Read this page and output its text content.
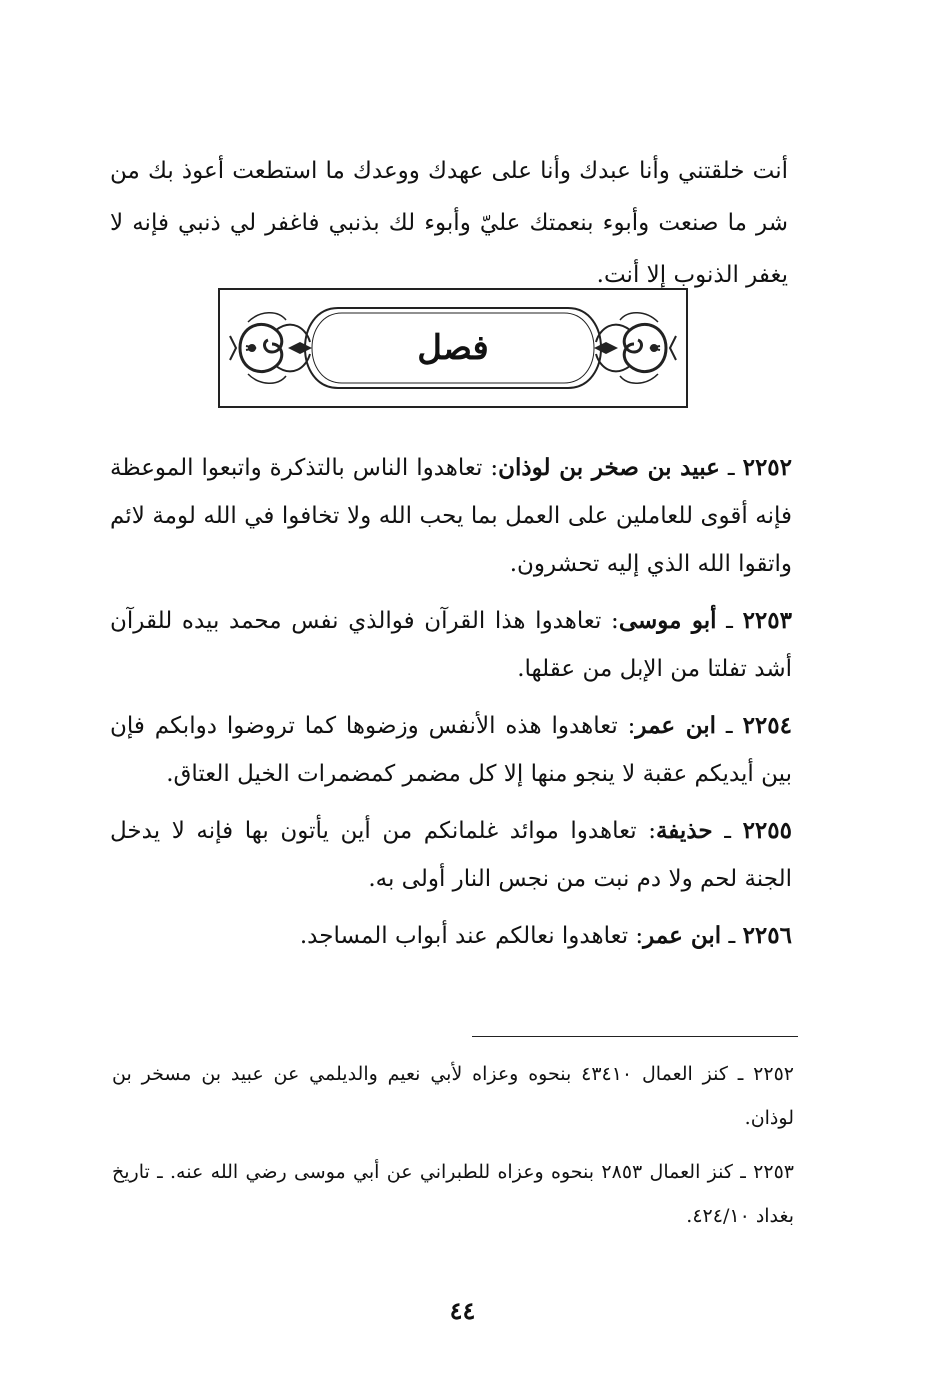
أنت خلقتني وأنا عبدك وأنا على عهدك ووعدك ما استطعت أعوذ بك من شر ما صنعت وأبوء بنعمتك عليّ وأبوء لك بذنبي فاغفر لي ذنبي فإنه لا يغفر الذنوب إلا أنت.

فصل

٢٢٥٢ ـ عبيد بن صخر بن لوذان: تعاهدوا الناس بالتذكرة واتبعوا الموعظة فإنه أقوى للعاملين على العمل بما يحب الله ولا تخافوا في الله لومة لائم واتقوا الله الذي إليه تحشرون.

٢٢٥٣ ـ أبو موسى: تعاهدوا هذا القرآن فوالذي نفس محمد بيده للقرآن أشد تفلتا من الإبل من عقلها.

٢٢٥٤ ـ ابن عمر: تعاهدوا هذه الأنفس وزضوها كما تروضوا دوابكم فإن بين أيديكم عقبة لا ينجو منها إلا كل مضمر كمضمرات الخيل العتاق.

٢٢٥٥ ـ حذيفة: تعاهدوا موائد غلمانكم من أين يأتون بها فإنه لا يدخل الجنة لحم ولا دم نبت من نجس النار أولى به.

٢٢٥٦ ـ ابن عمر: تعاهدوا نعالكم عند أبواب المساجد.

٢٢٥٢ ـ كنز العمال ٤٣٤١٠ بنحوه وعزاه لأبي نعيم والديلمي عن عبيد بن مسخر بن لوذان.

٢٢٥٣ ـ كنز العمال ٢٨٥٣ بنحوه وعزاه للطبراني عن أبي موسى رضي الله عنه. ـ تاريخ بغداد ٤٢٤/١٠.

٤٤
